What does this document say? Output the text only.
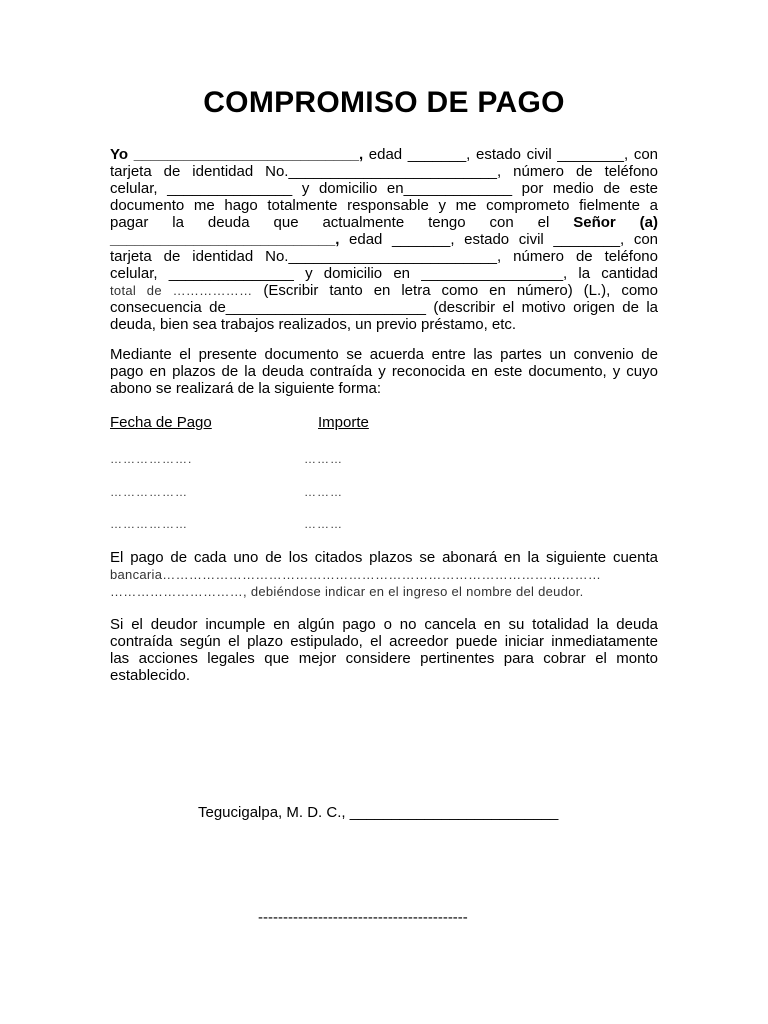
COMPROMISO DE PAGO
Yo ___________________________, edad _______, estado civil ________, con
tarjeta de identidad No._________________________, número de teléfono
celular, _______________ y domicilio en_____________ por medio de este
documento me hago totalmente responsable y me comprometo fielmente a
pagar la deuda que actualmente tengo con el Señor (a)
___________________________, edad _______, estado civil ________, con
tarjeta de identidad No._________________________, número de teléfono
celular, _______________ y domicilio en _________________, la cantidad
total de ……………… (Escribir tanto en letra como en número) (L.), como
consecuencia de________________________ (describir el motivo origen de la
deuda, bien sea trabajos realizados, un previo préstamo, etc.
Mediante el presente documento se acuerda entre las partes un convenio de
pago en plazos de la deuda contraída y reconocida en este documento, y cuyo
abono se realizará de la siguiente forma:
Fecha de Pago	Importe
……………….	………
………………	………
………………	………
El pago de cada uno de los citados plazos se abonará en la siguiente cuenta
bancaria………………………………………………………………………………………
…………………………, debiéndose indicar en el ingreso el nombre del deudor.
Si el deudor incumple en algún pago o no cancela en su totalidad la deuda
contraída según el plazo estipulado, el acreedor puede iniciar inmediatamente
las acciones legales que mejor considere pertinentes para cobrar el monto
establecido.
Tegucigalpa, M. D. C., _________________________
------------------------------------------
